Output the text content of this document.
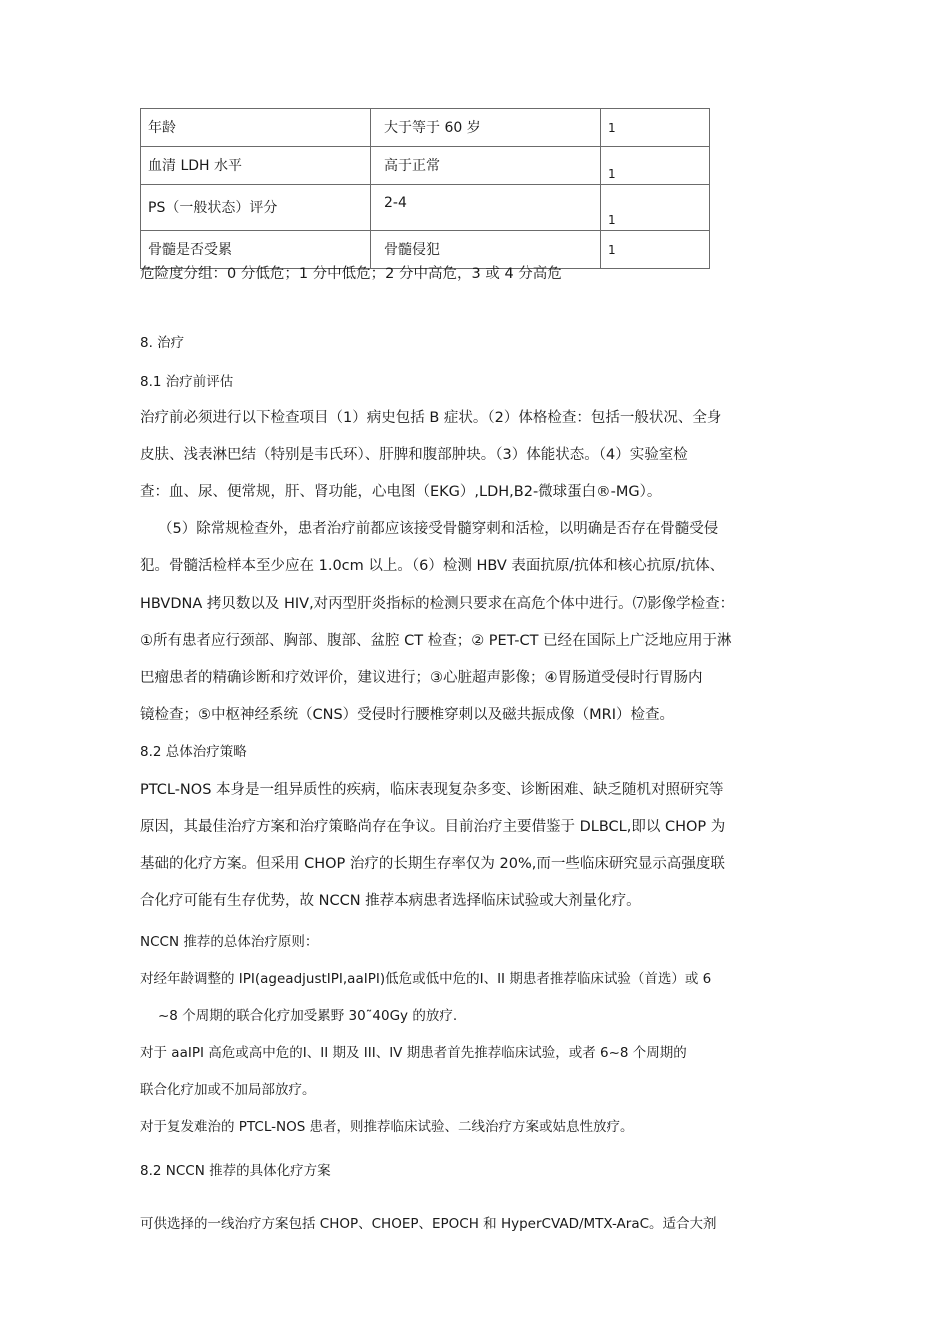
年龄	大于等于 60 岁	1
血清 LDH 水平	高于正常	1
PS（一般状态）评分	2-4	1
骨髓是否受累	骨髓侵犯	1
危险度分组：0 分低危；1 分中低危；2 分中高危，3 或 4 分高危
8. 治疗
8.1 治疗前评估
治疗前必须进行以下检查项目（1）病史包括 B 症状。（2）体格检查：包括一般状况、全身
皮肤、浅表淋巴结（特别是韦氏环）、肝脾和腹部肿块。（3）体能状态。（4）实验室检
查：血、尿、便常规，肝、肾功能，心电图（EKG）,LDH,B2-微球蛋白®-MG）。
（5）除常规检查外，患者治疗前都应该接受骨髓穿刺和活检，以明确是否存在骨髓受侵
犯。骨髓活检样本至少应在 1.0cm 以上。（6）检测 HBV 表面抗原/抗体和核心抗原/抗体、
HBVDNA 拷贝数以及 HIV,对丙型肝炎指标的检测只要求在高危个体中进行。⑺影像学检查：
①所有患者应行颈部、胸部、腹部、盆腔 CT 检查；② PET-CT 已经在国际上广泛地应用于淋
巴瘤患者的精确诊断和疗效评价，建议进行；③心脏超声影像；④胃肠道受侵时行胃肠内
镜检查；⑤中枢神经系统（CNS）受侵时行腰椎穿刺以及磁共振成像（MRI）检查。
8.2 总体治疗策略
PTCL-NOS 本身是一组异质性的疾病，临床表现复杂多变、诊断困难、缺乏随机对照研究等
原因，其最佳治疗方案和治疗策略尚存在争议。目前治疗主要借鉴于 DLBCL,即以 CHOP 为
基础的化疗方案。但采用 CHOP 治疗的长期生存率仅为 20%,而一些临床研究显示高强度联
合化疗可能有生存优势，故 NCCN 推荐本病患者选择临床试验或大剂量化疗。
NCCN 推荐的总体治疗原则：
对经年龄调整的 IPI(ageadjustIPI,aaIPI)低危或低中危的Ⅰ、II 期患者推荐临床试验（首选）或 6
~8 个周期的联合化疗加受累野 30˜40Gy 的放疗.
对于 aaIPI 高危或高中危的Ⅰ、II 期及 III、IV 期患者首先推荐临床试验，或者 6~8 个周期的
联合化疗加或不加局部放疗。
对于复发难治的 PTCL-NOS 患者，则推荐临床试验、二线治疗方案或姑息性放疗。
8.2 NCCN 推荐的具体化疗方案
可供选择的一线治疗方案包括 CHOP、CHOEP、EPOCH 和 HyperCVAD/MTX-AraC。适合大剂
